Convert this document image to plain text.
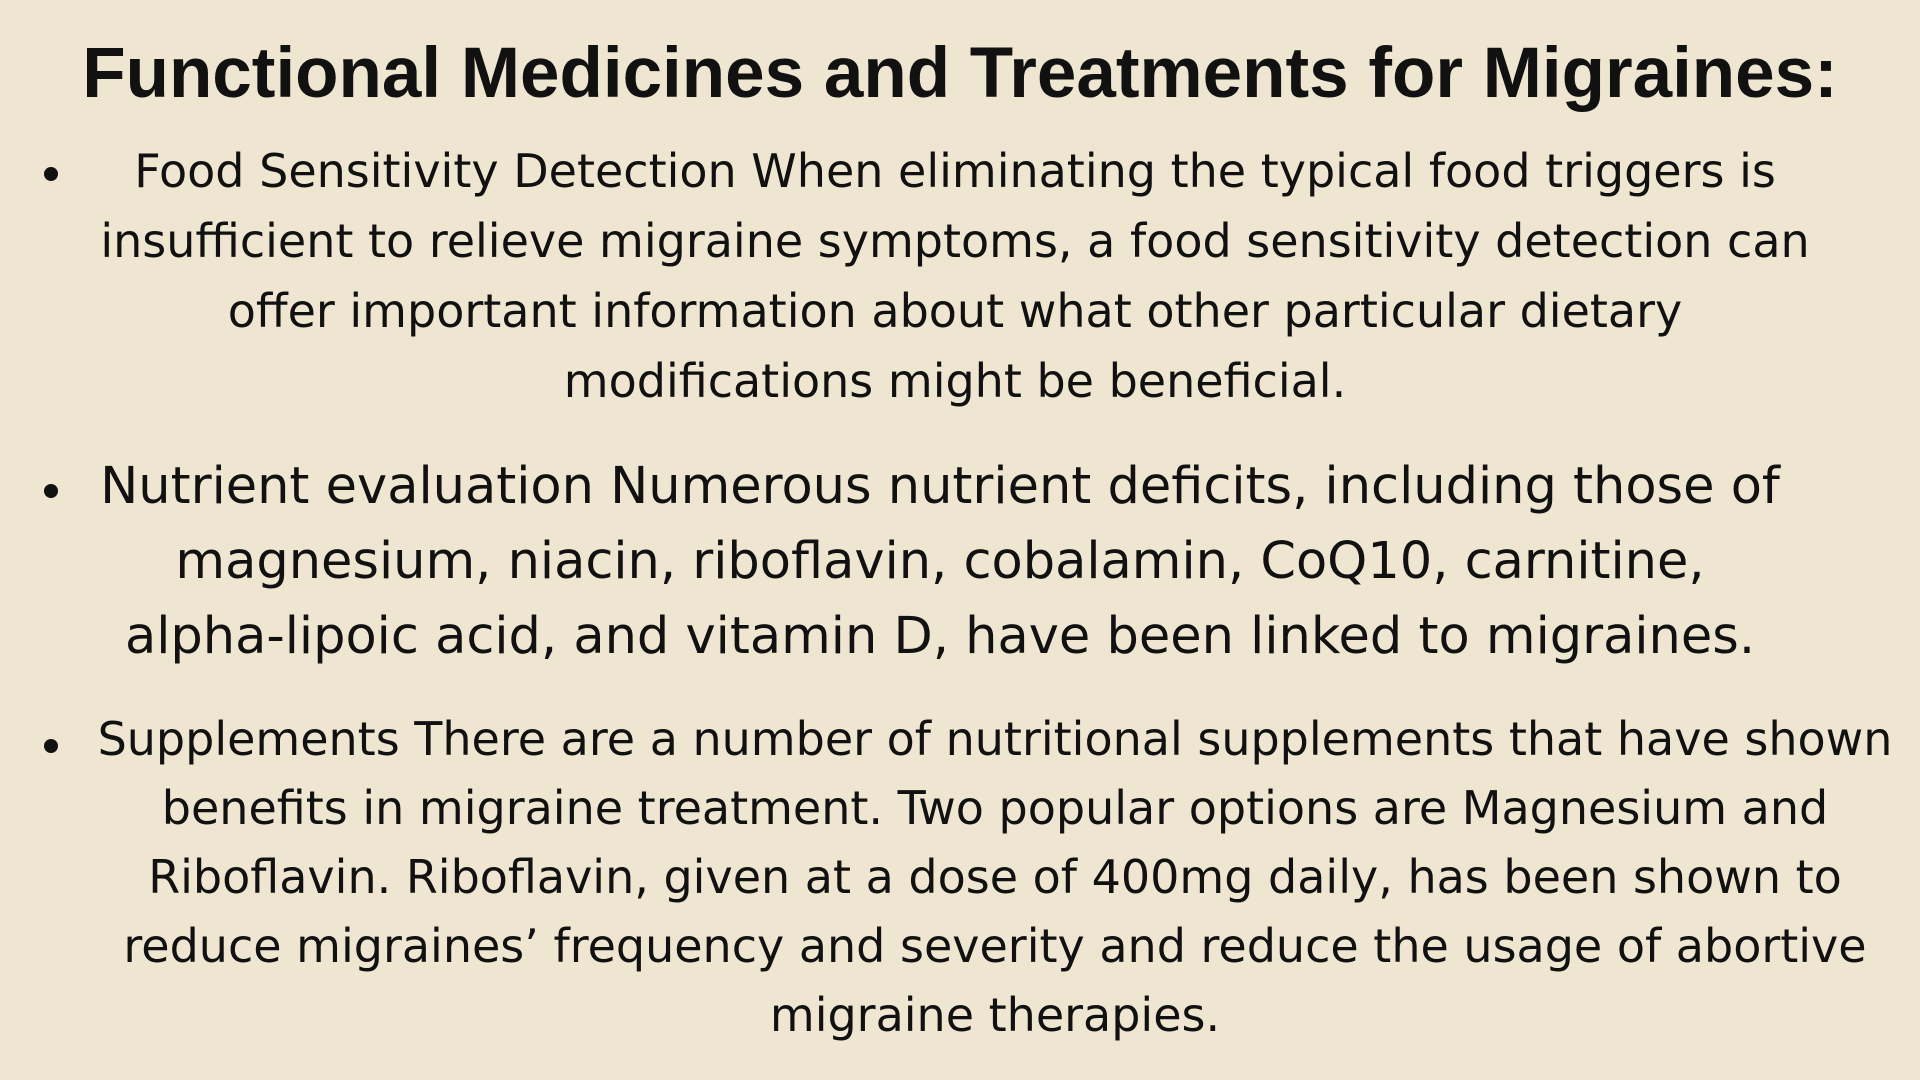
Functional Medicines and Treatments for Migraines:

Food Sensitivity Detection When eliminating the typical food triggers is insufficient to relieve migraine symptoms, a food sensitivity detection can offer important information about what other particular dietary modifications might be beneficial.

Nutrient evaluation Numerous nutrient deficits, including those of magnesium, niacin, riboflavin, cobalamin, CoQ10, carnitine, alpha-lipoic acid, and vitamin D, have been linked to migraines.

Supplements There are a number of nutritional supplements that have shown benefits in migraine treatment. Two popular options are Magnesium and Riboflavin. Riboflavin, given at a dose of 400mg daily, has been shown to reduce migraines’ frequency and severity and reduce the usage of abortive migraine therapies.
